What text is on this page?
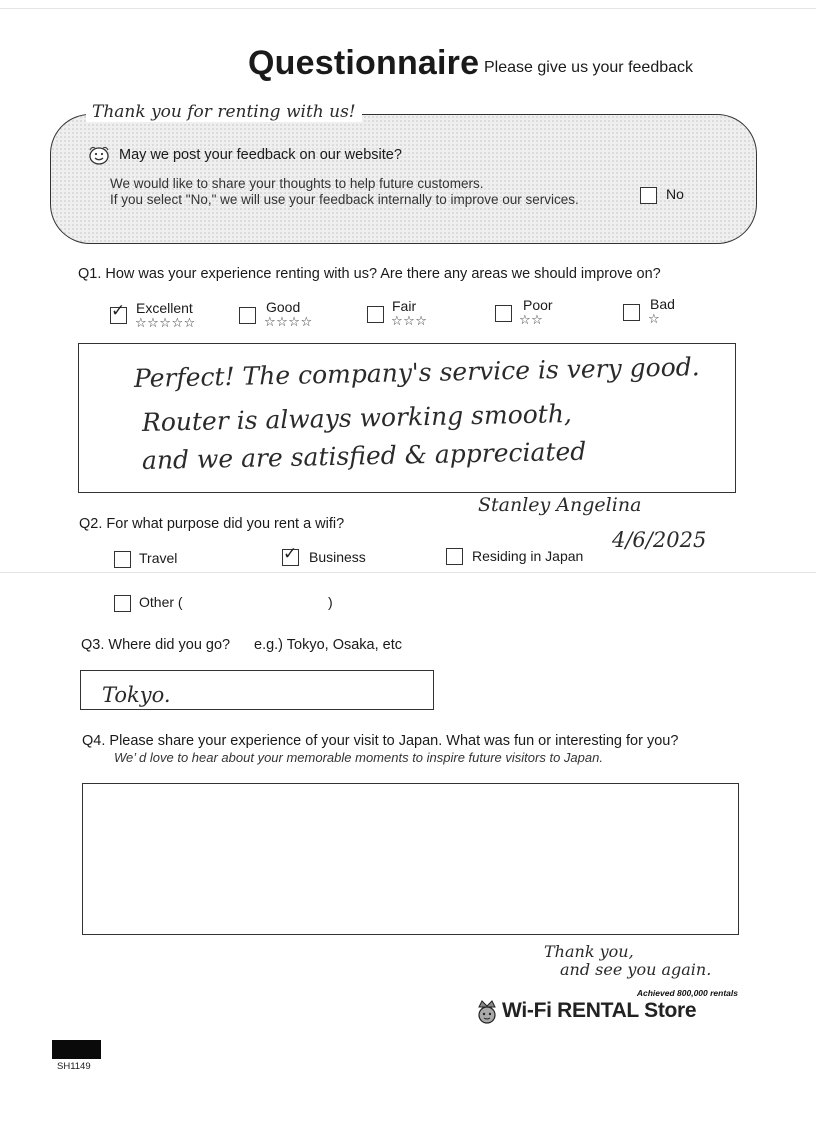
Questionnaire Please give us your feedback
Thank you for renting with us!
May we post your feedback on our website?
We would like to share your thoughts to help future customers.
If you select "No," we will use your feedback internally to improve our services.	No
Q1. How was your experience renting with us? Are there any areas we should improve on?
✓ Excellent
☆☆☆☆☆
Good
☆☆☆☆
Fair
☆☆☆
Poor
☆☆
Bad
☆
Perfect! The company's service is very good.
Router is always working smooth,
and we are satisfied & appreciated
Stanley Angelina
4/6/2025
Q2. For what purpose did you rent a wifi?
Travel	✓ Business	Residing in Japan
Other (	)
Q3. Where did you go? e.g.) Tokyo, Osaka, etc
Tokyo.
Q4. Please share your experience of your visit to Japan. What was fun or interesting for you?
We’ d love to hear about your memorable moments to inspire future visitors to Japan.
Thank you,
and see you again.
Achieved 800,000 rentals
Wi-Fi RENTAL Store
SH1149
